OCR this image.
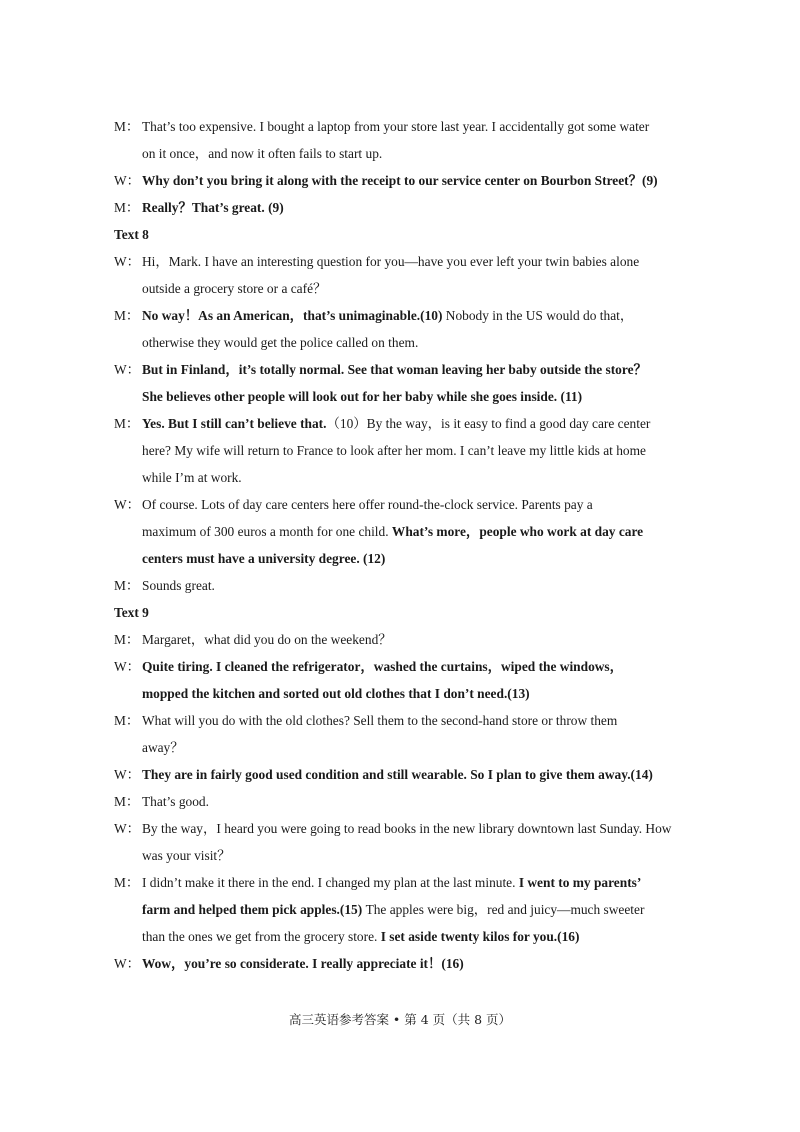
M： That’s too expensive. I bought a laptop from your store last year. I accidentally got some water
on it once，and now it often fails to start up.
W： Why don’t you bring it along with the receipt to our service center on Bourbon Street？(9)
M： Really？That’s great. (9)
Text 8
W： Hi，Mark. I have an interesting question for you—have you ever left your twin babies alone
outside a grocery store or a café？
M： No way！As an American，that’s unimaginable.(10) Nobody in the US would do that，
otherwise they would get the police called on them.
W： But in Finland，it’s totally normal. See that woman leaving her baby outside the store？
She believes other people will look out for her baby while she goes inside. (11)
M： Yes. But I still can’t believe that.（10）By the way，is it easy to find a good day care center
here? My wife will return to France to look after her mom. I can’t leave my little kids at home
while I’m at work.
W： Of course. Lots of day care centers here offer round-the-clock service. Parents pay a
maximum of 300 euros a month for one child. What’s more，people who work at day care
centers must have a university degree. (12)
M： Sounds great.
Text 9
M： Margaret，what did you do on the weekend？
W： Quite tiring. I cleaned the refrigerator，washed the curtains，wiped the windows，
mopped the kitchen and sorted out old clothes that I don’t need.(13)
M： What will you do with the old clothes? Sell them to the second-hand store or throw them
away？
W： They are in fairly good used condition and still wearable. So I plan to give them away.(14)
M： That’s good.
W： By the way，I heard you were going to read books in the new library downtown last Sunday. How
was your visit？
M： I didn’t make it there in the end. I changed my plan at the last minute. I went to my parents’
farm and helped them pick apples.(15) The apples were big，red and juicy—much sweeter
than the ones we get from the grocery store. I set aside twenty kilos for you.(16)
W： Wow，you’re so considerate. I really appreciate it！(16)
高三英语参考答案 • 第 4 页（共 8 页）
